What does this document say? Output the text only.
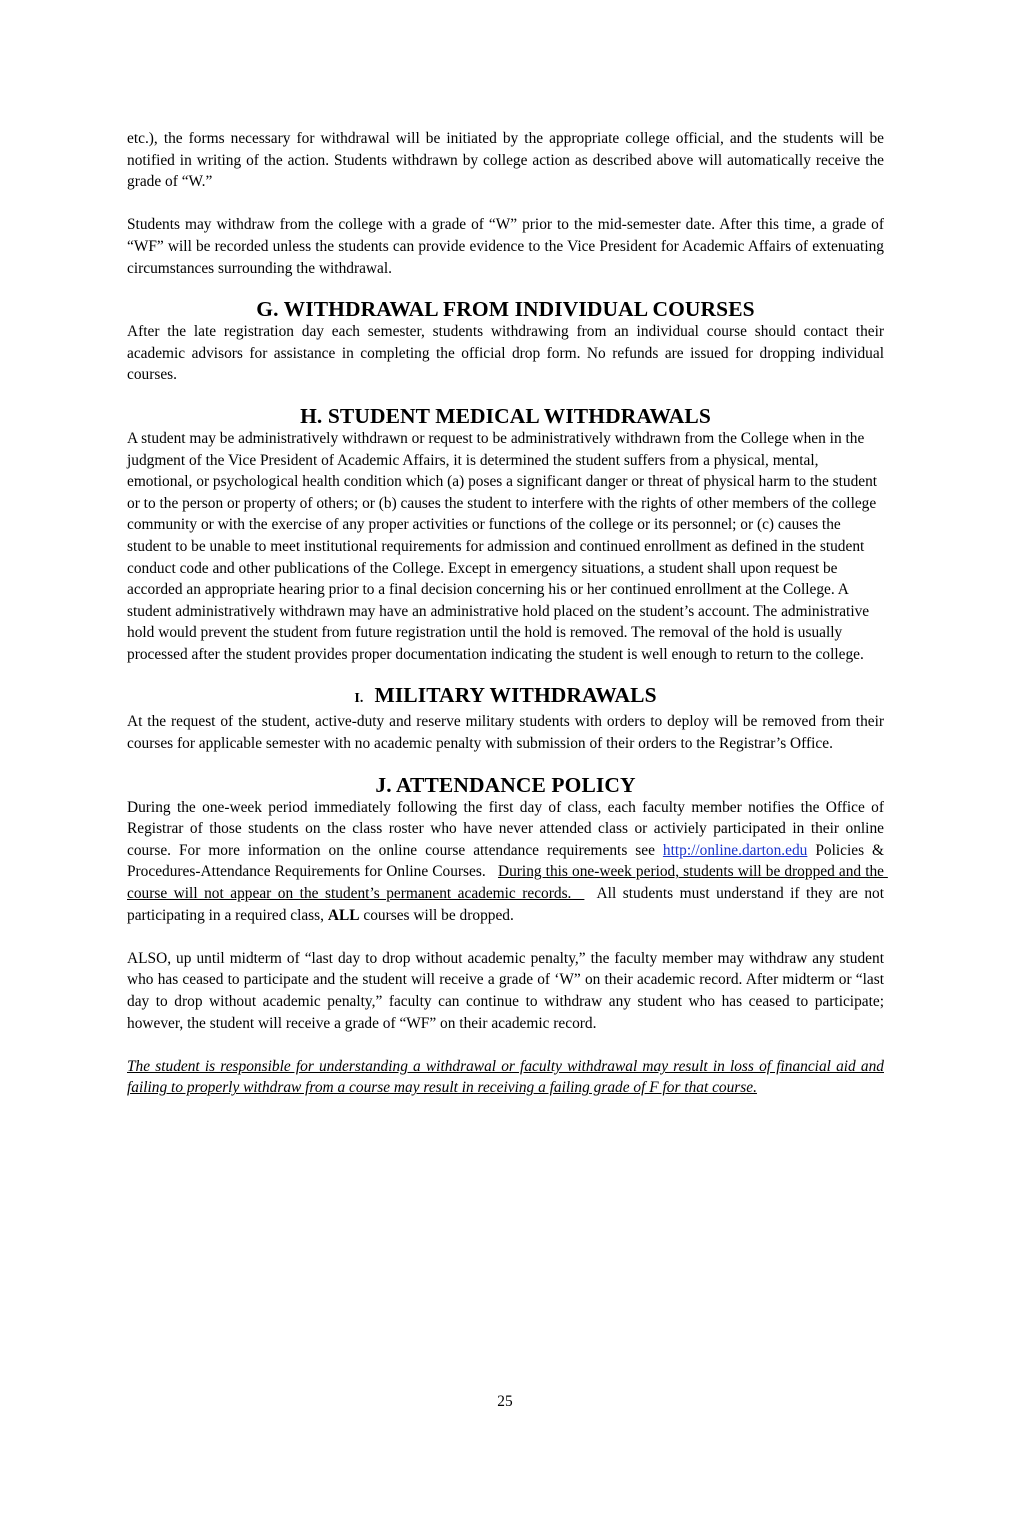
etc.), the forms necessary for withdrawal will be initiated by the appropriate college official, and the students will be notified in writing of the action. Students withdrawn by college action as described above will automatically receive the grade of “W.”

Students may withdraw from the college with a grade of “W” prior to the mid-semester date. After this time, a grade of “WF” will be recorded unless the students can provide evidence to the Vice President for Academic Affairs of extenuating circumstances surrounding the withdrawal.

G. WITHDRAWAL FROM INDIVIDUAL COURSES

After the late registration day each semester, students withdrawing from an individual course should contact their academic advisors for assistance in completing the official drop form. No refunds are issued for dropping individual courses.

H. STUDENT MEDICAL WITHDRAWALS

A student may be administratively withdrawn or request to be administratively withdrawn from the College when in the judgment of the Vice President of Academic Affairs, it is determined the student suffers from a physical, mental, emotional, or psychological health condition which (a) poses a significant danger or threat of physical harm to the student or to the person or property of others; or (b) causes the student to interfere with the rights of other members of the college community or with the exercise of any proper activities or functions of the college or its personnel; or (c) causes the student to be unable to meet institutional requirements for admission and continued enrollment as defined in the student conduct code and other publications of the College. Except in emergency situations, a student shall upon request be accorded an appropriate hearing prior to a final decision concerning his or her continued enrollment at the College. A student administratively withdrawn may have an administrative hold placed on the student’s account. The administrative hold would prevent the student from future registration until the hold is removed. The removal of the hold is usually processed after the student provides proper documentation indicating the student is well enough to return to the college.

I.  MILITARY WITHDRAWALS

At the request of the student, active-duty and reserve military students with orders to deploy will be removed from their courses for applicable semester with no academic penalty with submission of their orders to the Registrar’s Office.

J. ATTENDANCE POLICY

During the one-week period immediately following the first day of class, each faculty member notifies the Office of Registrar of those students on the class roster who have never attended class or activiely participated in their online course. For more information on the online course attendance requirements see http://online.darton.edu Policies & Procedures-Attendance Requirements for Online Courses.   During this one-week period, students will be dropped and the course will not appear on the student’s permanent academic records.    All students must understand if they are not participating in a required class, ALL courses will be dropped.

ALSO, up until midterm of “last day to drop without academic penalty,” the faculty member may withdraw any student who has ceased to participate and the student will receive a grade of ‘W” on their academic record. After midterm or “last day to drop without academic penalty,” faculty can continue to withdraw any student who has ceased to participate; however, the student will receive a grade of “WF” on their academic record.

The student is responsible for understanding a withdrawal or faculty withdrawal may result in loss of financial aid and failing to properly withdraw from a course may result in receiving a failing grade of F for that course.

25
